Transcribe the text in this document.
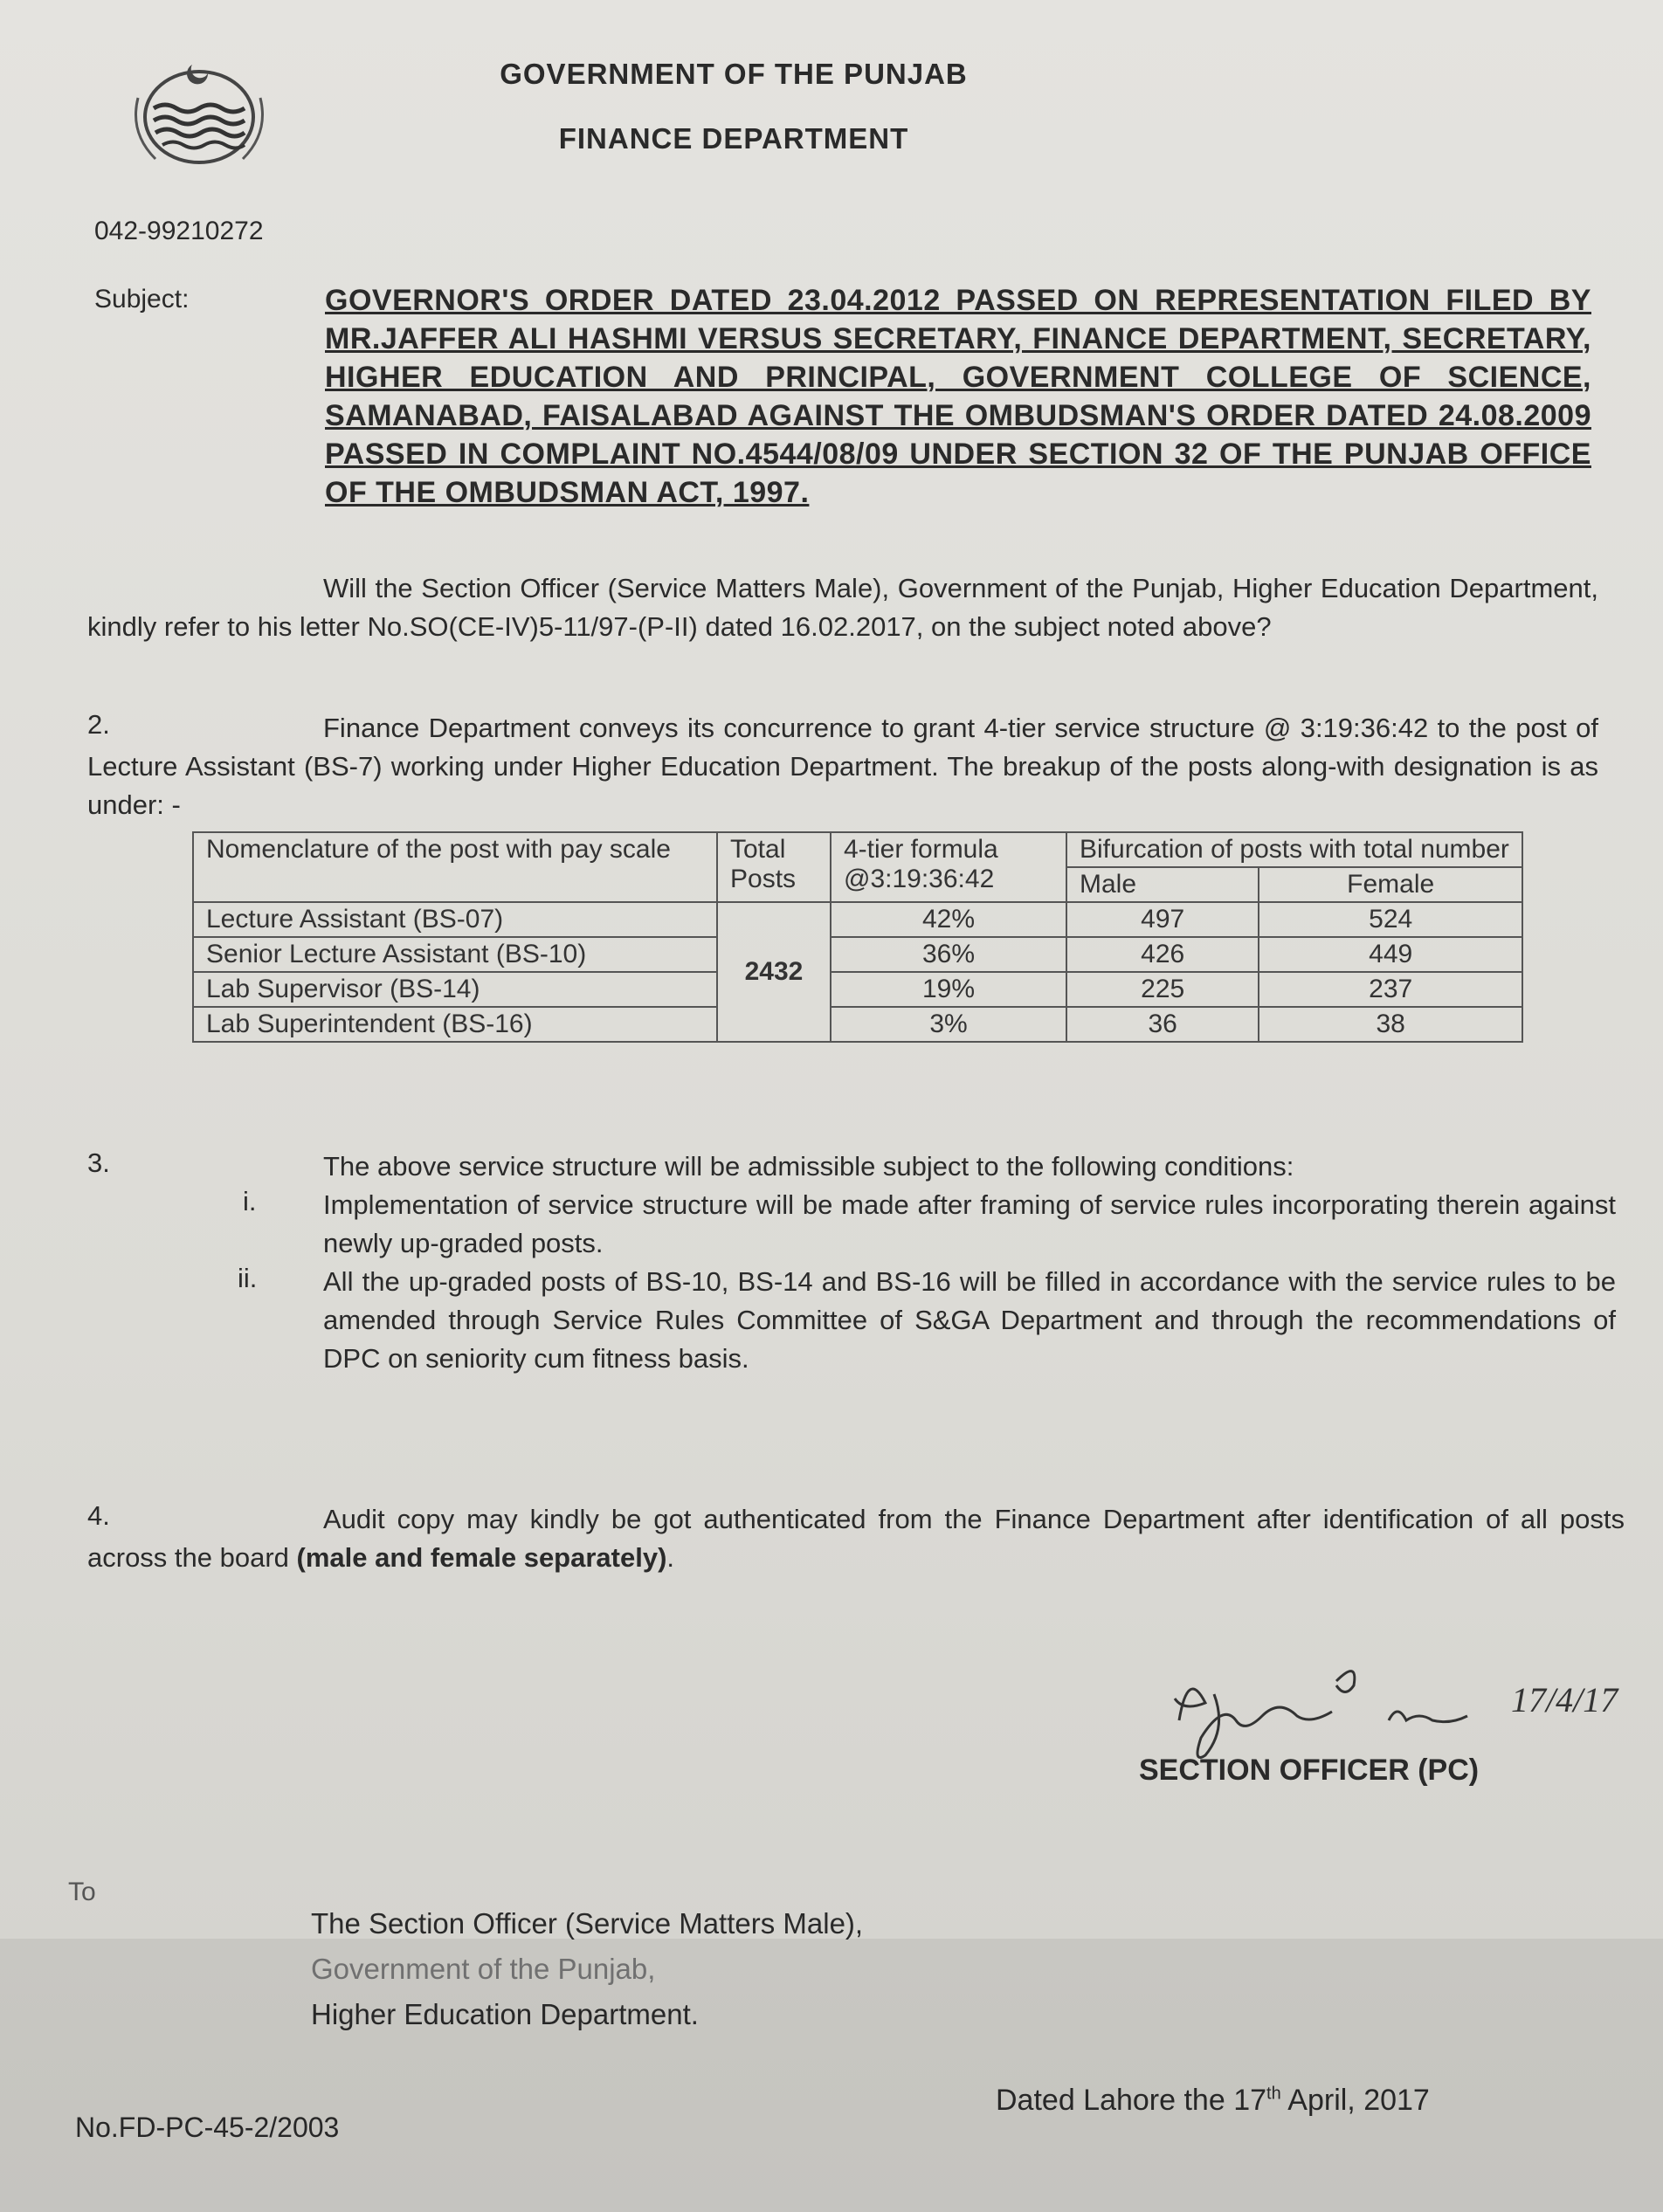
GOVERNMENT OF THE PUNJAB
FINANCE DEPARTMENT
042-99210272
Subject:	GOVERNOR'S ORDER DATED 23.04.2012 PASSED ON REPRESENTATION FILED BY MR.JAFFER ALI HASHMI VERSUS SECRETARY, FINANCE DEPARTMENT, SECRETARY, HIGHER EDUCATION AND PRINCIPAL, GOVERNMENT COLLEGE OF SCIENCE, SAMANABAD, FAISALABAD AGAINST THE OMBUDSMAN'S ORDER DATED 24.08.2009 PASSED IN COMPLAINT NO.4544/08/09 UNDER SECTION 32 OF THE PUNJAB OFFICE OF THE OMBUDSMAN ACT, 1997.
Will the Section Officer (Service Matters Male), Government of the Punjab, Higher Education Department, kindly refer to his letter No.SO(CE-IV)5-11/97-(P-II) dated 16.02.2017, on the subject noted above?
2.	Finance Department conveys its concurrence to grant 4-tier service structure @ 3:19:36:42 to the post of Lecture Assistant (BS-7) working under Higher Education Department. The breakup of the posts along-with designation is as under: -
Nomenclature of the post with pay scale	Total Posts	4-tier formula @3:19:36:42	Bifurcation of posts with total number	
			Male	Female
Lecture Assistant (BS-07)	2432	42%	497	524
Senior Lecture Assistant (BS-10)		36%	426	449
Lab Supervisor (BS-14)		19%	225	237
Lab Superintendent (BS-16)		3%	36	38
3.	The above service structure will be admissible subject to the following conditions:
i. Implementation of service structure will be made after framing of service rules incorporating therein against newly up-graded posts.
ii. All the up-graded posts of BS-10, BS-14 and BS-16 will be filled in accordance with the service rules to be amended through Service Rules Committee of S&GA Department and through the recommendations of DPC on seniority cum fitness basis.
4.	Audit copy may kindly be got authenticated from the Finance Department after identification of all posts across the board (male and female separately).
17/4/17
SECTION OFFICER (PC)
To
The Section Officer (Service Matters Male),
Government of the Punjab,
Higher Education Department.
No.FD-PC-45-2/2003
Dated Lahore the 17th April, 2017
